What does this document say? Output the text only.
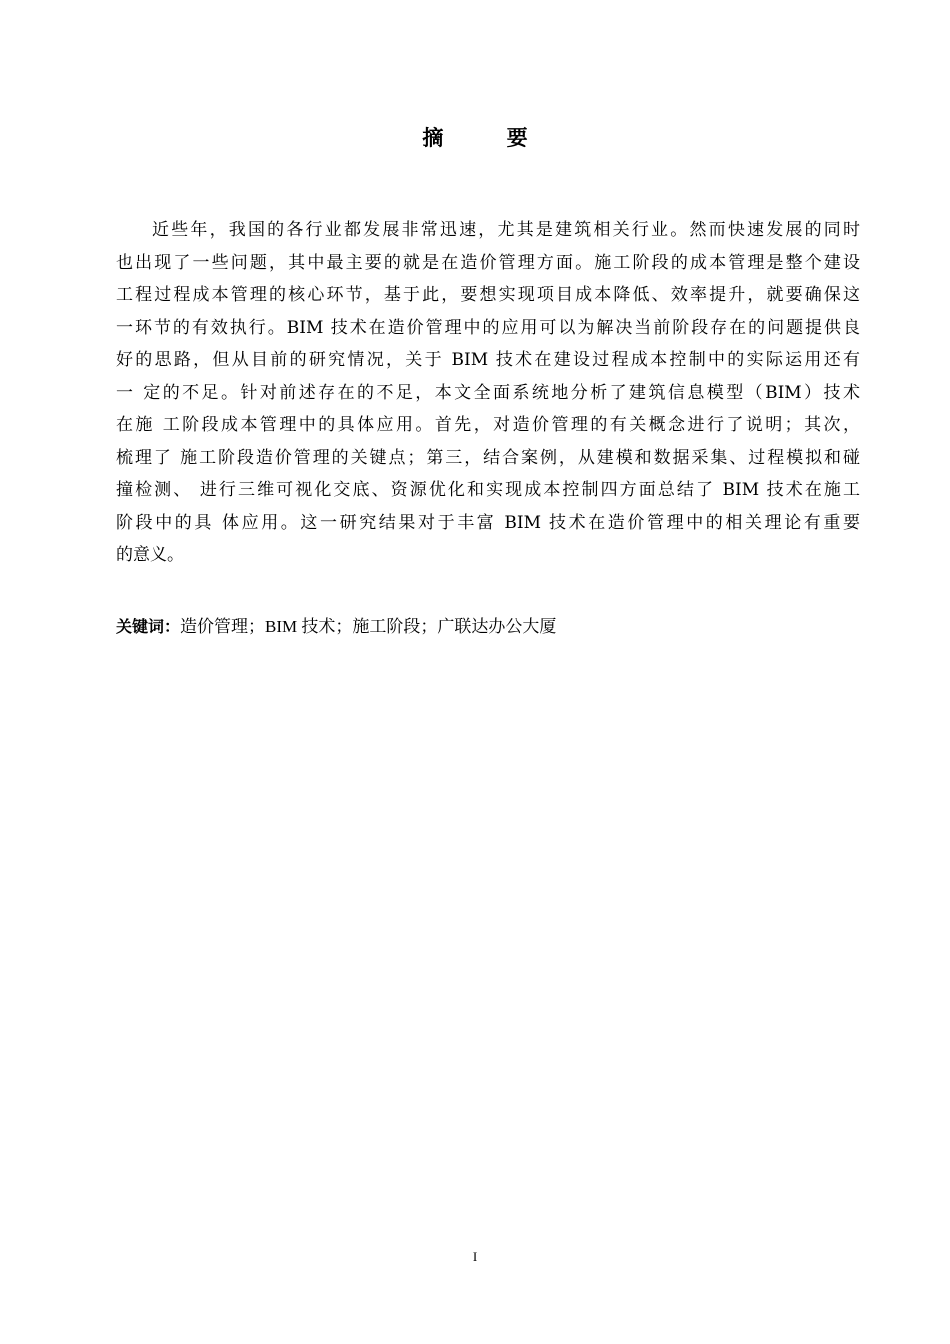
摘 要
近些年，我国的各行业都发展非常迅速，尤其是建筑相关行业。然而快速发展的同时
也出现了一些问题，其中最主要的就是在造价管理方面。施工阶段的成本管理是整个建设
工程过程成本管理的核心环节，基于此，要想实现项目成本降低、效率提升，就要确保这
一环节的有效执行。BIM 技术在造价管理中的应用可以为解决当前阶段存在的问题提供良
好的思路，但从目前的研究情况，关于 BIM 技术在建设过程成本控制中的实际运用还有
一 定的不足。针对前述存在的不足，本文全面系统地分析了建筑信息模型（BIM）技术
在施 工阶段成本管理中的具体应用。首先，对造价管理的有关概念进行了说明；其次，
梳理了 施工阶段造价管理的关键点；第三，结合案例，从建模和数据采集、过程模拟和碰
撞检测、 进行三维可视化交底、资源优化和实现成本控制四方面总结了 BIM 技术在施工
阶段中的具 体应用。这一研究结果对于丰富 BIM 技术在造价管理中的相关理论有重要
的意义。
关键词：造价管理；BIM 技术；施工阶段；广联达办公大厦
I
